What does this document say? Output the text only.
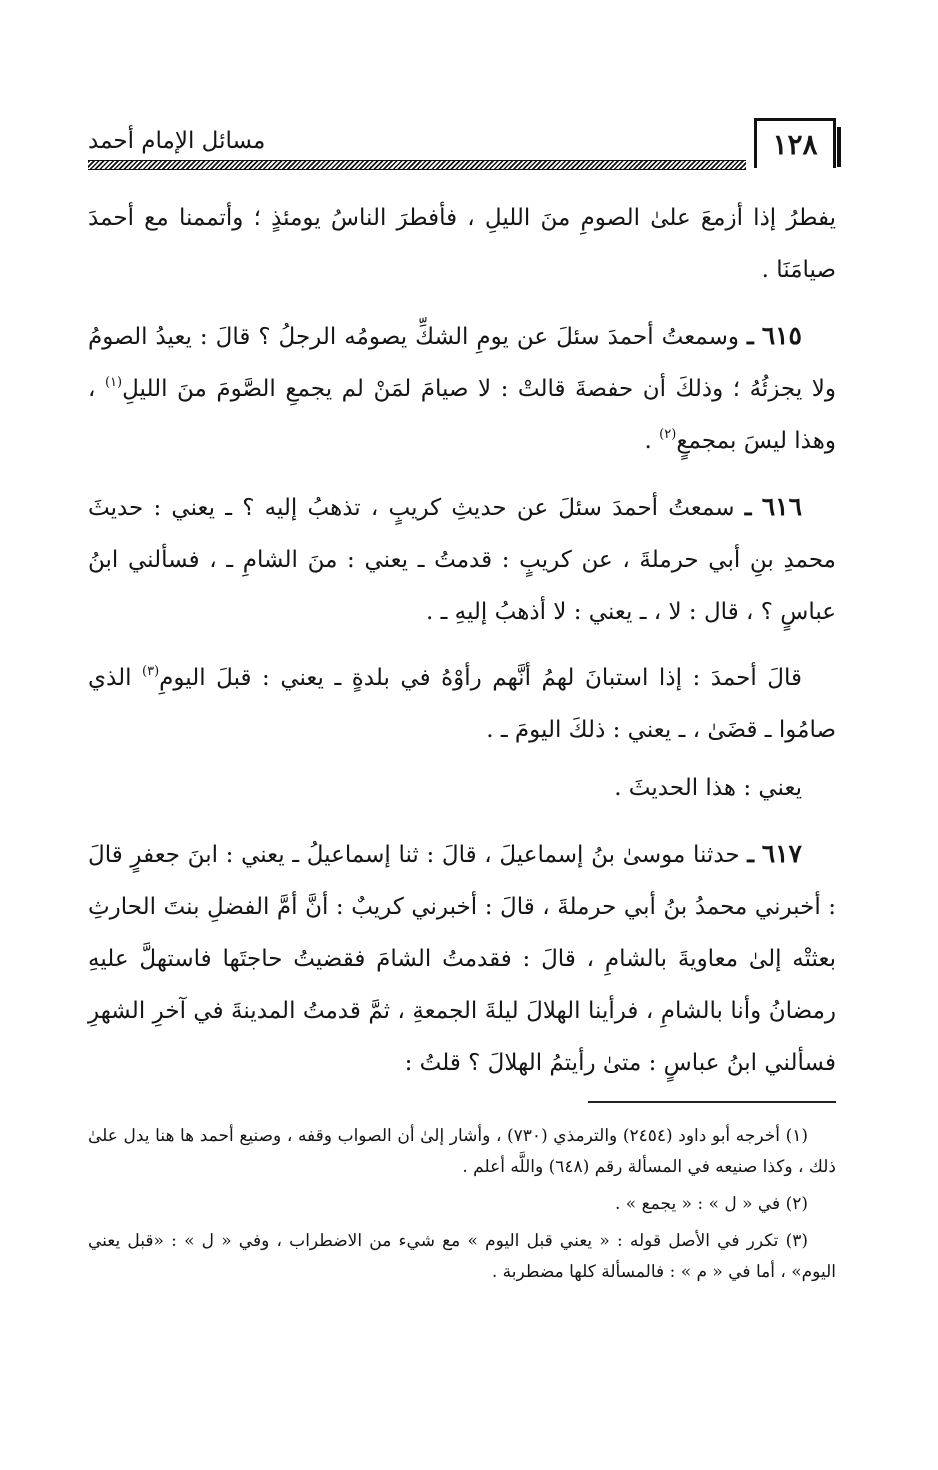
١٢٨
مسائل الإمام أحمد

يفطرُ إذا أزمعَ علىٰ الصومِ منَ الليلِ ، فأفطرَ الناسُ يومئذٍ ؛ وأتممنا مع أحمدَ صيامَنَا .

٦١٥ ـ وسمعتُ أحمدَ سئلَ عن يومِ الشكِّ يصومُه الرجلُ ؟ قالَ : يعيدُ الصومُ ولا يجزئُهُ ؛ وذلكَ أن حفصةَ قالتْ : لا صيامَ لمَنْ لم يجمعِ الصَّومَ منَ الليلِ$^{(١)}$ ، وهذا ليسَ بمجمعٍ$^{(٢)}$ .

٦١٦ ـ سمعتُ أحمدَ سئلَ عن حديثِ كريبٍ ، تذهبُ إليه ؟ ـ يعني : حديثَ محمدِ بنِ أبي حرملةَ ، عن كريبٍ : قدمتُ ـ يعني : منَ الشامِ ـ ، فسألني ابنُ عباسٍ ؟ ، قال : لا ، ـ يعني : لا أذهبُ إليهِ ـ .

قالَ أحمدَ : إذا استبانَ لهمُ أنَّهم رأوْهُ في بلدةٍ ـ يعني : قبلَ اليومِ$^{(٣)}$ الذي صامُوا ـ قضَىٰ ، ـ يعني : ذلكَ اليومَ ـ .

يعني : هذا الحديثَ .

٦١٧ ـ حدثنا موسىٰ بنُ إسماعيلَ ، قالَ : ثنا إسماعيلُ ـ يعني : ابنَ جعفرٍ قالَ : أخبرني محمدُ بنُ أبي حرملةَ ، قالَ : أخبرني كريبٌ : أنَّ أمَّ الفضلِ بنتَ الحارثِ بعثتْه إلىٰ معاويةَ بالشامِ ، قالَ : فقدمتُ الشامَ فقضيتُ حاجتَها فاستهلَّ عليهِ رمضانُ وأنا بالشامِ ، فرأينا الهلالَ ليلةَ الجمعةِ ، ثمَّ قدمتُ المدينةَ في آخرِ الشهرِ فسألني ابنُ عباسٍ : متىٰ رأيتمُ الهلالَ ؟ قلتُ :

(١) أخرجه أبو داود (٢٤٥٤) والترمذي (٧٣٠) ، وأشار إلىٰ أن الصواب وقفه ، وصنيع أحمد ها هنا يدل علىٰ ذلك ، وكذا صنيعه في المسألة رقم (٦٤٨) واللَّه أعلم .

(٢) في « ل » : « يجمع » .

(٣) تكرر في الأصل قوله : « يعني قبل اليوم » مع شيء من الاضطراب ، وفي « ل » : «قبل يعني اليوم» ، أما في « م » : فالمسألة كلها مضطربة .
